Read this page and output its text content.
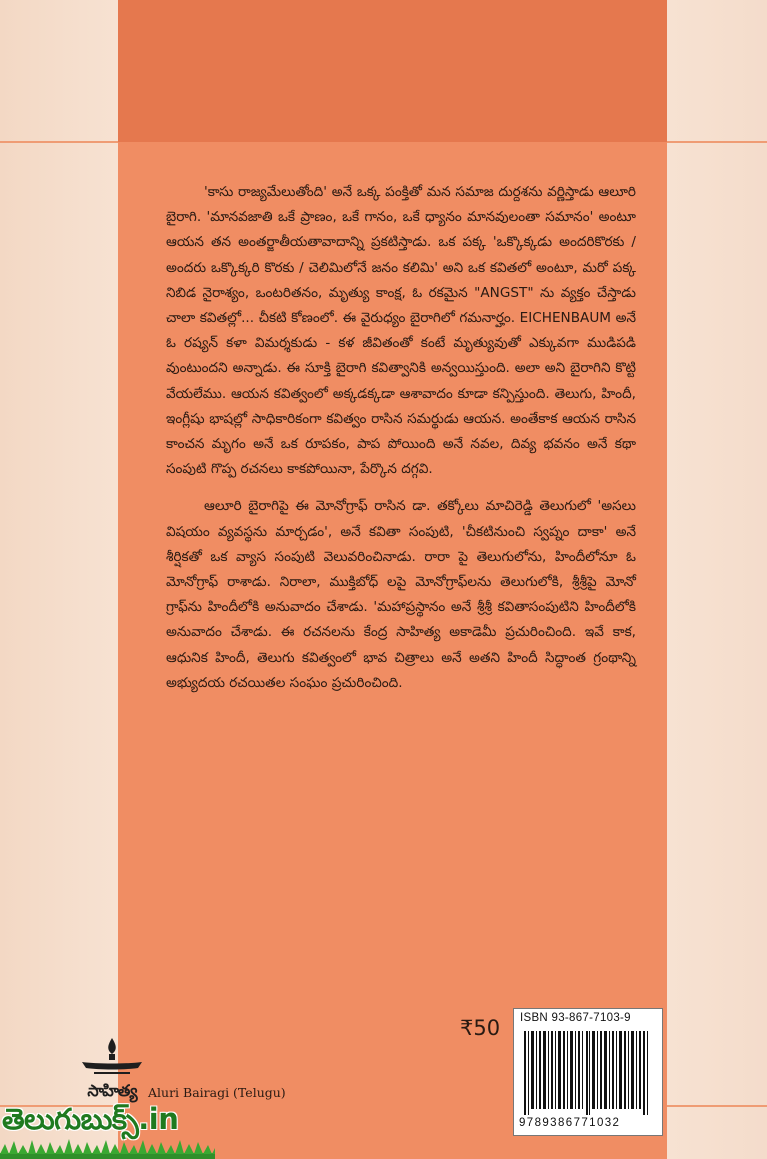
'కాసు రాజ్యమేలుతోంది' అనే ఒక్క పంక్తితో మన సమాజ దుర్దశను వర్ణిస్తాడు ఆలూరి బైరాగి. 'మానవజాతి ఒకే ప్రాణం, ఒకే గానం, ఒకే ధ్యానం మానవులంతా సమానం' అంటూ ఆయన తన అంతర్జాతీయతావాదాన్ని ప్రకటిస్తాడు. ఒక పక్క 'ఒక్కొక్కడు అందరికొరకు / అందరు ఒక్కొక్కరి కొరకు / చెలిమిలోనే జనం కలిమి' అని ఒక కవితలో అంటూ, మరో పక్క నిబిడ నైరాశ్యం, ఒంటరితనం, మృత్యు కాంక్ష, ఓ రకమైన "ANGST" ను వ్యక్తం చేస్తాడు చాలా కవితల్లో... చీకటి కోణంలో. ఈ వైరుధ్యం బైరాగిలో గమనార్హం. EICHENBAUM అనే ఓ రష్యన్ కళా విమర్శకుడు - కళ జీవితంతో కంటే మృత్యువుతో ఎక్కువగా ముడిపడి వుంటుందని అన్నాడు. ఈ సూక్తి బైరాగి కవిత్వానికి అన్వయిస్తుంది. అలా అని బైరాగిని కొట్టి వేయలేము. ఆయన కవిత్వంలో అక్కడక్కడా ఆశావాదం కూడా కన్పిస్తుంది. తెలుగు, హిందీ, ఇంగ్లీషు భాషల్లో సాధికారికంగా కవిత్వం రాసిన సమర్థుడు ఆయన. అంతేకాక ఆయన రాసిన కాంచన మృగం అనే ఒక రూపకం, పాప పోయింది అనే నవల, దివ్య భవనం అనే కథా సంపుటి గొప్ప రచనలు కాకపోయినా, పేర్కొన దగ్గవి.

ఆలూరి బైరాగిపై ఈ మోనోగ్రాఫ్ రాసిన డా. తక్కోలు మాచిరెడ్డి తెలుగులో 'అసలు విషయం వ్యవస్థను మార్చడం', అనే కవితా సంపుటి, 'చీకటినుంచి స్వప్నం దాకా' అనే శీర్షికతో ఒక వ్యాస సంపుటి వెలువరించినాడు. రారా పై తెలుగులోను, హిందీలోనూ ఓ మోనోగ్రాఫ్ రాశాడు. నిరాలా, ముక్తిబోధ్ లపై మోనోగ్రాఫ్‌లను తెలుగులోకి, శ్రీశ్రీపై మోనో గ్రాఫ్‌ను హిందీలోకి అనువాదం చేశాడు. 'మహాప్రస్థానం అనే శ్రీశ్రీ కవితాసంపుటిని హిందీలోకి అనువాదం చేశాడు. ఈ రచనలను కేంద్ర సాహిత్య అకాడెమీ ప్రచురించింది. ఇవే కాక, ఆధునిక హిందీ, తెలుగు కవిత్వంలో భావ చిత్రాలు అనే అతని హిందీ సిద్ధాంత గ్రంథాన్ని అభ్యుదయ రచయితల సంఘం ప్రచురించింది.

₹50 ISBN 93-867-7103-9
9789386771032
సాహిత్య Aluri Bairagi (Telugu)
తెలుగుబుక్స్.in
